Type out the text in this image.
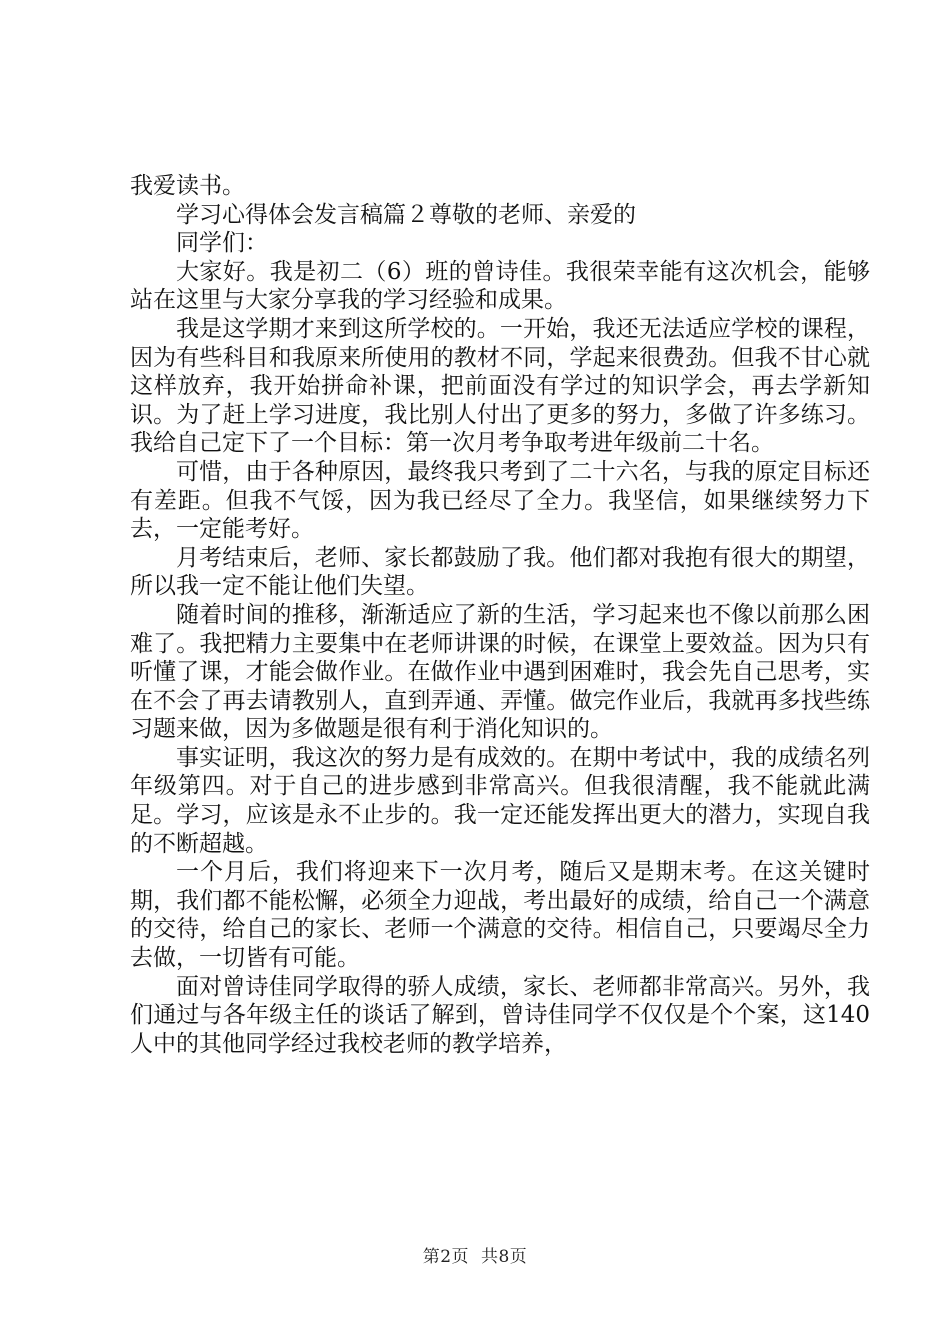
我爱读书。

学习心得体会发言稿篇２尊敬的老师、亲爱的

同学们：

大家好。我是初二（6）班的曾诗佳。我很荣幸能有这次机会，能够站在这里与大家分享我的学习经验和成果。

我是这学期才来到这所学校的。一开始，我还无法适应学校的课程，因为有些科目和我原来所使用的教材不同，学起来很费劲。但我不甘心就这样放弃，我开始拼命补课，把前面没有学过的知识学会，再去学新知识。为了赶上学习进度，我比别人付出了更多的努力，多做了许多练习。我给自己定下了一个目标：第一次月考争取考进年级前二十名。

可惜，由于各种原因，最终我只考到了二十六名，与我的原定目标还有差距。但我不气馁，因为我已经尽了全力。我坚信，如果继续努力下去，一定能考好。

月考结束后，老师、家长都鼓励了我。他们都对我抱有很大的期望，所以我一定不能让他们失望。

随着时间的推移，渐渐适应了新的生活，学习起来也不像以前那么困难了。我把精力主要集中在老师讲课的时候，在课堂上要效益。因为只有听懂了课，才能会做作业。在做作业中遇到困难时，我会先自己思考，实在不会了再去请教别人，直到弄通、弄懂。做完作业后，我就再多找些练习题来做，因为多做题是很有利于消化知识的。

事实证明，我这次的努力是有成效的。在期中考试中，我的成绩名列年级第四。对于自己的进步感到非常高兴。但我很清醒，我不能就此满足。学习，应该是永不止步的。我一定还能发挥出更大的潜力，实现自我的不断超越。

一个月后，我们将迎来下一次月考，随后又是期末考。在这关键时期，我们都不能松懈，必须全力迎战，考出最好的成绩，给自己一个满意的交待，给自己的家长、老师一个满意的交待。相信自己，只要竭尽全力去做，一切皆有可能。

面对曾诗佳同学取得的骄人成绩，家长、老师都非常高兴。另外，我们通过与各年级主任的谈话了解到，曾诗佳同学不仅仅是个个案，这140人中的其他同学经过我校老师的教学培养，

第2页 共8页
